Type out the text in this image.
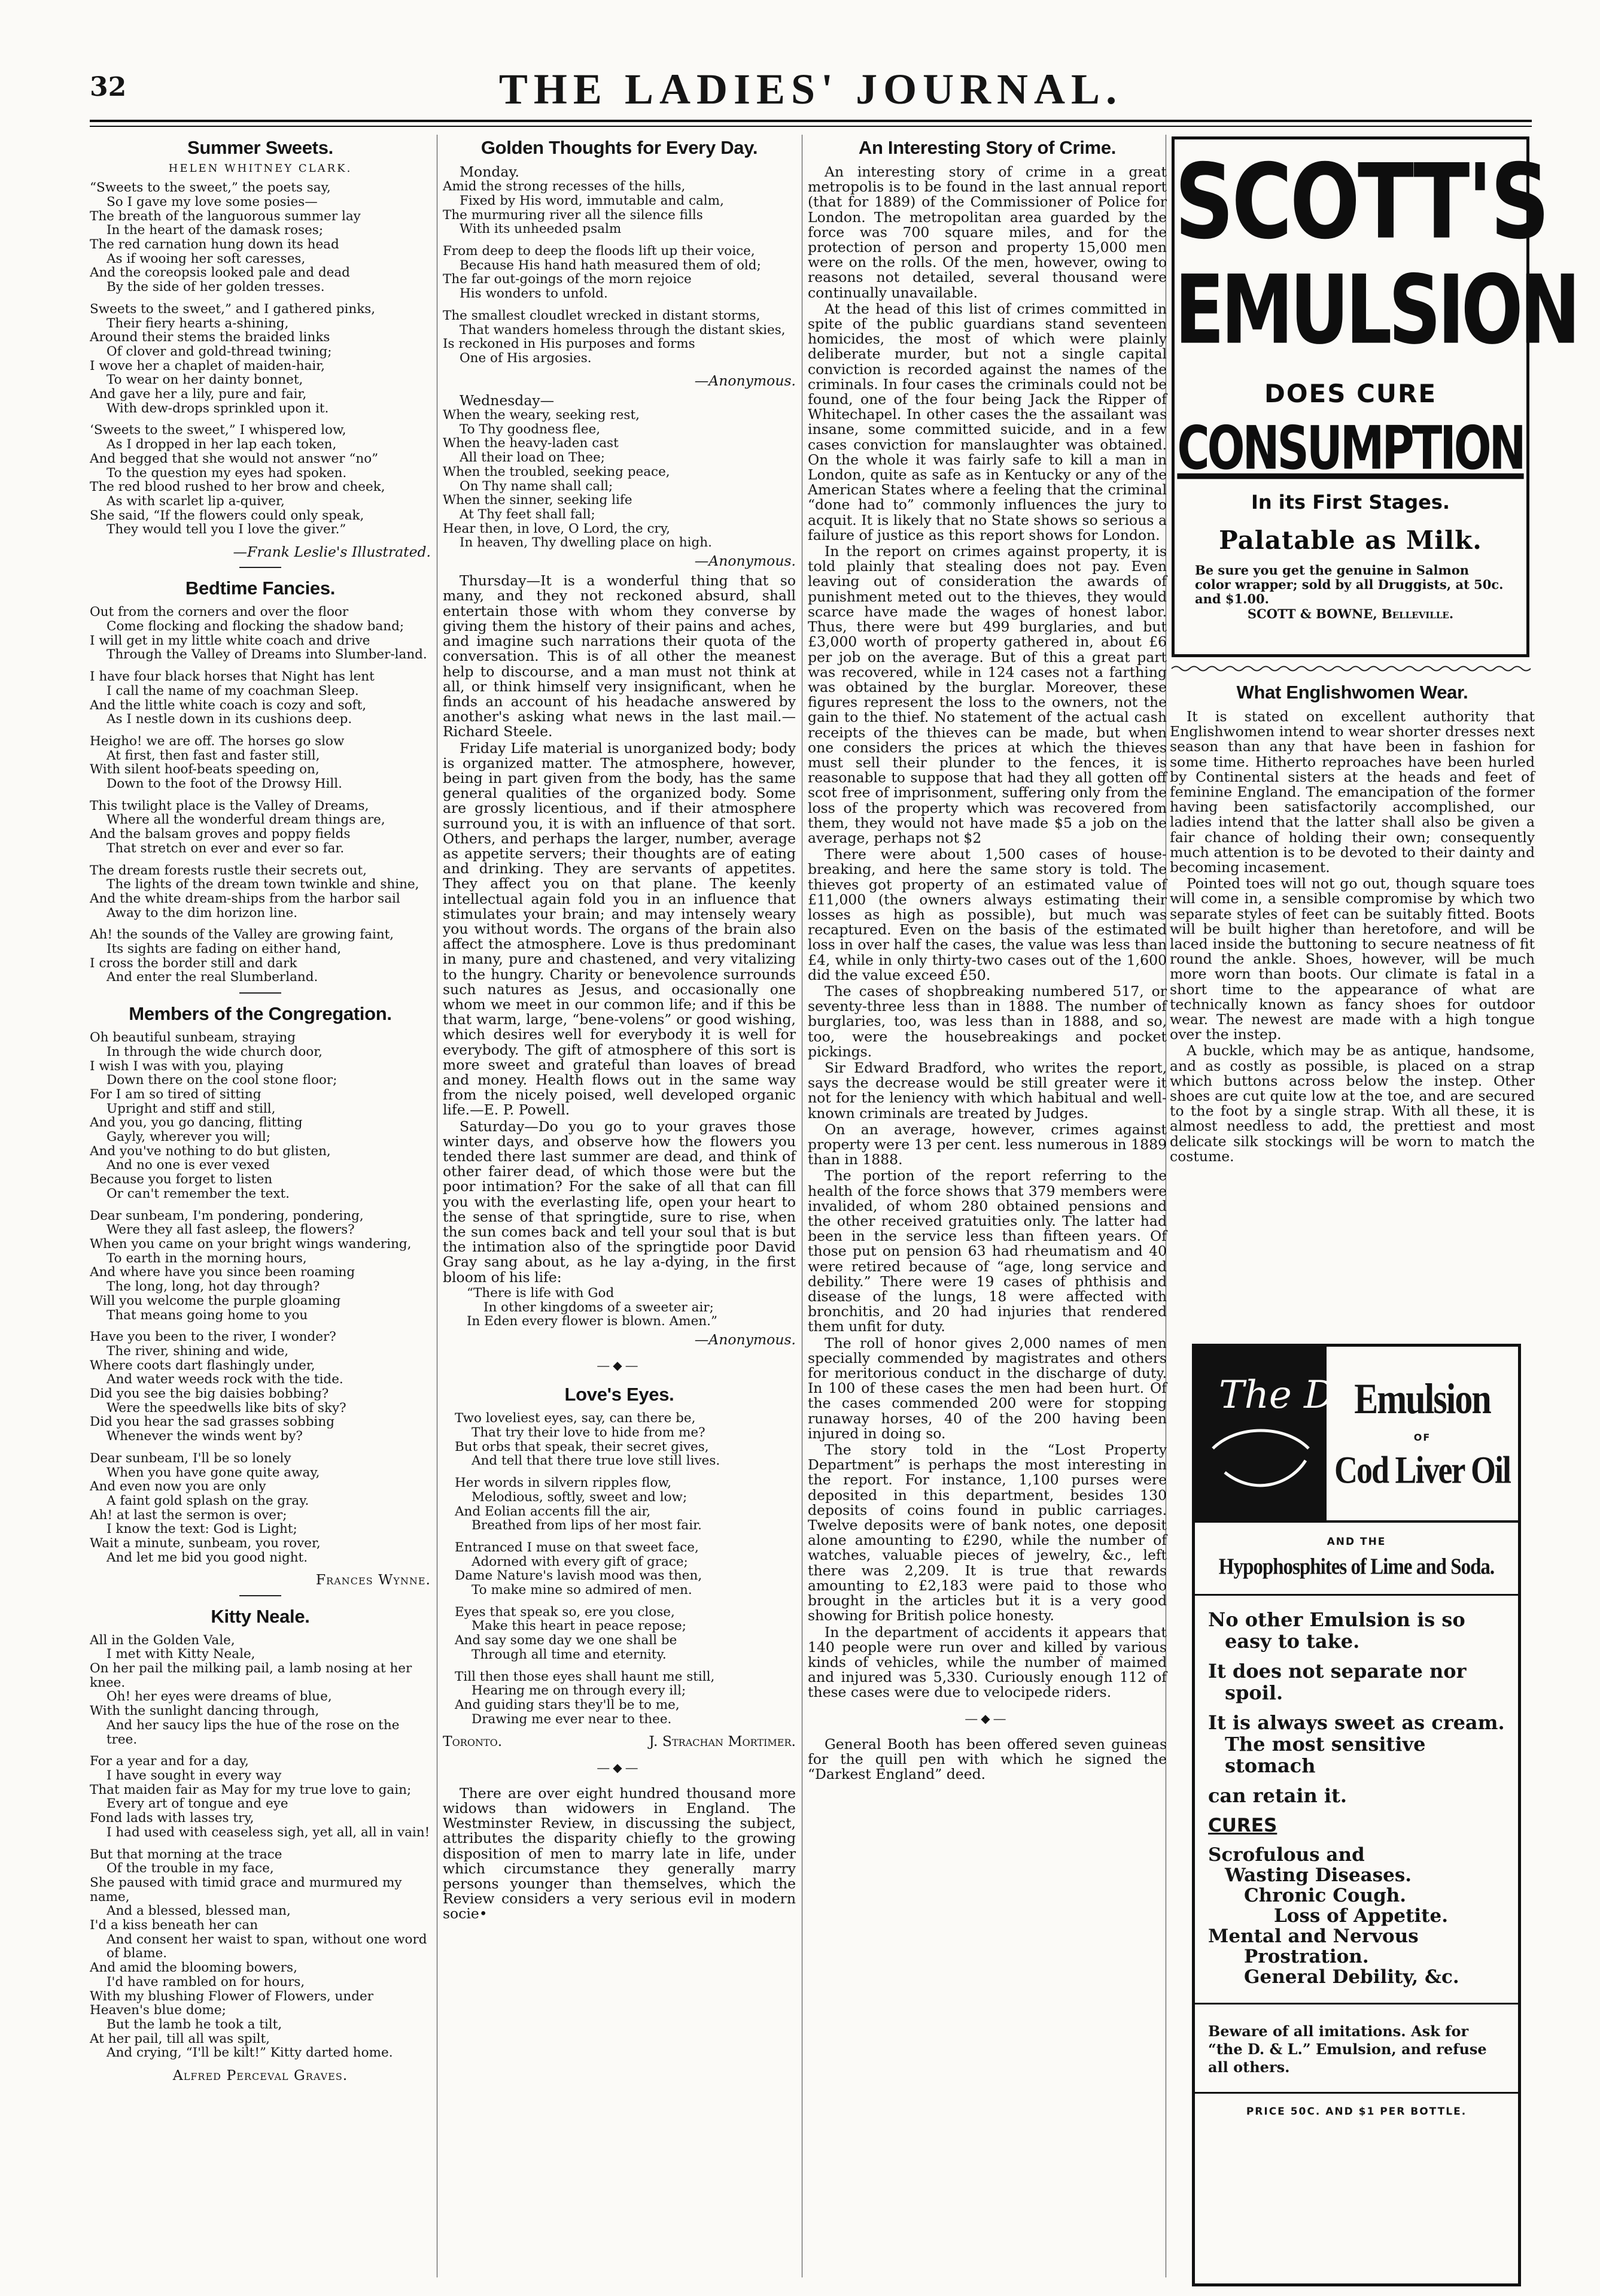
32	THE LADIES' JOURNAL.
Summer Sweets.
HELEN WHITNEY CLARK.
“Sweets to the sweet,” the poets say,
So I gave my love some posies—
The breath of the languorous summer lay
In the heart of the damask roses;
The red carnation hung down its head
As if wooing her soft caresses,
And the coreopsis looked pale and dead
By the side of her golden tresses.
Sweets to the sweet,” and I gathered pinks,
Their fiery hearts a-shining,
Around their stems the braided links
Of clover and gold-thread twining;
I wove her a chaplet of maiden-hair,
To wear on her dainty bonnet,
And gave her a lily, pure and fair,
With dew-drops sprinkled upon it.
‘Sweets to the sweet,” I whispered low,
As I dropped in her lap each token,
And begged that she would not answer “no”
To the question my eyes had spoken.
The red blood rushed to her brow and cheek,
As with scarlet lip a-quiver,
She said, “If the flowers could only speak,
They would tell you I love the giver.”
—Frank Leslie's Illustrated.
Bedtime Fancies.
Out from the corners and over the floor
Come flocking and flocking the shadow band;
I will get in my little white coach and drive
Through the Valley of Dreams into Slumber-land.
I have four black horses that Night has lent
I call the name of my coachman Sleep.
And the little white coach is cozy and soft,
As I nestle down in its cushions deep.
Heigho! we are off. The horses go slow
At first, then fast and faster still,
With silent hoof-beats speeding on,
Down to the foot of the Drowsy Hill.
This twilight place is the Valley of Dreams,
Where all the wonderful dream things are,
And the balsam groves and poppy fields
That stretch on ever and ever so far.
The dream forests rustle their secrets out,
The lights of the dream town twinkle and shine,
And the white dream-ships from the harbor sail
Away to the dim horizon line.
Ah! the sounds of the Valley are growing faint,
Its sights are fading on either hand,
I cross the border still and dark
And enter the real Slumberland.
Members of the Congregation.
Oh beautiful sunbeam, straying
In through the wide church door,
I wish I was with you, playing
Down there on the cool stone floor;
For I am so tired of sitting
Upright and stiff and still,
And you, you go dancing, flitting
Gayly, wherever you will;
And you've nothing to do but glisten,
And no one is ever vexed
Because you forget to listen
Or can't remember the text.
Dear sunbeam, I'm pondering, pondering,
Were they all fast asleep, the flowers?
When you came on your bright wings wandering,
To earth in the morning hours,
And where have you since been roaming
The long, long, hot day through?
Will you welcome the purple gloaming
That means going home to you
Have you been to the river, I wonder?
The river, shining and wide,
Where coots dart flashingly under,
And water weeds rock with the tide.
Did you see the big daisies bobbing?
Were the speedwells like bits of sky?
Did you hear the sad grasses sobbing
Whenever the winds went by?
Dear sunbeam, I'll be so lonely
When you have gone quite away,
And even now you are only
A faint gold splash on the gray.
Ah! at last the sermon is over;
I know the text: God is Light;
Wait a minute, sunbeam, you rover,
And let me bid you good night.
Frances Wynne.
Kitty Neale.
All in the Golden Vale,
I met with Kitty Neale,
On her pail the milking pail, a lamb nosing at her knee.
Oh! her eyes were dreams of blue,
With the sunlight dancing through,
And her saucy lips the hue of the rose on the tree.
For a year and for a day,
I have sought in every way
That maiden fair as May for my true love to gain;
Every art of tongue and eye
Fond lads with lasses try,
I had used with ceaseless sigh, yet all, all in vain!
But that morning at the trace
Of the trouble in my face,
She paused with timid grace and murmured my name,
And a blessed, blessed man,
I'd a kiss beneath her can
And consent her waist to span, without one word of blame.
And amid the blooming bowers,
I'd have rambled on for hours,
With my blushing Flower of Flowers, under Heaven's blue dome;
But the lamb he took a tilt,
At her pail, till all was spilt,
And crying, “I'll be kilt!” Kitty darted home.
Alfred Perceval Graves.
Golden Thoughts for Every Day.
Monday.
Amid the strong recesses of the hills,
Fixed by His word, immutable and calm,
The murmuring river all the silence fills
With its unheeded psalm
From deep to deep the floods lift up their voice,
Because His hand hath measured them of old;
The far out-goings of the morn rejoice
His wonders to unfold.
The smallest cloudlet wrecked in distant storms,
That wanders homeless through the distant skies,
Is reckoned in His purposes and forms
One of His argosies.
—Anonymous.
Wednesday—
When the weary, seeking rest,
To Thy goodness flee,
When the heavy-laden cast
All their load on Thee;
When the troubled, seeking peace,
On Thy name shall call;
When the sinner, seeking life
At Thy feet shall fall;
Hear then, in love, O Lord, the cry,
In heaven, Thy dwelling place on high.
—Anonymous.

Thursday—It is a wonderful thing that so many, and they not reckoned absurd, shall entertain those with whom they converse by giving them the history of their pains and aches, and imagine such narrations their quota of the conversation. This is of all other the meanest help to discourse, and a man must not think at all, or think himself very insignificant, when he finds an account of his headache answered by another's asking what news in the last mail.—Richard Steele.

Friday Life material is unorganized body; body is organized matter. The atmosphere, however, being in part given from the body, has the same general qualities of the organized body. Some are grossly licentious, and if their atmosphere surround you, it is with an influence of that sort. Others, and perhaps the larger, number, average as appetite servers; their thoughts are of eating and drinking. They are servants of appetites. They affect you on that plane. The keenly intellectual again fold you in an influence that stimulates your brain; and may intensely weary you without words. The organs of the brain also affect the atmosphere. Love is thus predominant in many, pure and chastened, and very vitalizing to the hungry. Charity or benevolence surrounds such natures as Jesus, and occasionally one whom we meet in our common life; and if this be that warm, large, “bene-volens” or good wishing, which desires well for everybody it is well for everybody. The gift of atmosphere of this sort is more sweet and grateful than loaves of bread and money. Health flows out in the same way from the nicely poised, well developed organic life.—E. P. Powell.

Saturday—Do you go to your graves those winter days, and observe how the flowers you tended there last summer are dead, and think of other fairer dead, of which those were but the poor intimation? For the sake of all that can fill you with the everlasting life, open your heart to the sense of that springtide, sure to rise, when the sun comes back and tell your soul that is but the intimation also of the springtide poor David Gray sang about, as he lay a-dying, in the first bloom of his life:

“There is life with God
In other kingdoms of a sweeter air;
In Eden every flower is blown. Amen.”
—Anonymous.
―◆―
Love's Eyes.
Two loveliest eyes, say, can there be,
That try their love to hide from me?
But orbs that speak, their secret gives,
And tell that there true love still lives.
Her words in silvern ripples flow,
Melodious, softly, sweet and low;
And Eolian accents fill the air,
Breathed from lips of her most fair.
Entranced I muse on that sweet face,
Adorned with every gift of grace;
Dame Nature's lavish mood was then,
To make mine so admired of men.
Eyes that speak so, ere you close,
Make this heart in peace repose;
And say some day we one shall be
Through all time and eternity.
Till then those eyes shall haunt me still,
Hearing me on through every ill;
And guiding stars they'll be to me,
Drawing me ever near to thee.
Toronto.	J. Strachan Mortimer.
―◆―

There are over eight hundred thousand more widows than widowers in England. The Westminster Review, in discussing the subject, attributes the disparity chiefly to the growing disposition of men to marry late in life, under which circumstance they generally marry persons younger than themselves, which the Review considers a very serious evil in modern socie•

An Interesting Story of Crime.

An interesting story of crime in a great metropolis is to be found in the last annual report (that for 1889) of the Commissioner of Police for London. The metropolitan area guarded by the force was 700 square miles, and for the protection of person and property 15,000 men were on the rolls. Of the men, however, owing to reasons not detailed, several thousand were continually unavailable.

At the head of this list of crimes committed in spite of the public guardians stand seventeen homicides, the most of which were plainly deliberate murder, but not a single capital conviction is recorded against the names of the criminals. In four cases the criminals could not be found, one of the four being Jack the Ripper of Whitechapel. In other cases the the assailant was insane, some committed suicide, and in a few cases conviction for manslaughter was obtained. On the whole it was fairly safe to kill a man in London, quite as safe as in Kentucky or any of the American States where a feeling that the criminal “done had to” commonly influences the jury to acquit. It is likely that no State shows so serious a failure of justice as this report shows for London.

In the report on crimes against property, it is told plainly that stealing does not pay. Even leaving out of consideration the awards of punishment meted out to the thieves, they would scarce have made the wages of honest labor. Thus, there were but 499 burglaries, and but £3,000 worth of property gathered in, about £6 per job on the average. But of this a great part was recovered, while in 124 cases not a farthing was obtained by the burglar. Moreover, these figures represent the loss to the owners, not the gain to the thief. No statement of the actual cash receipts of the thieves can be made, but when one considers the prices at which the thieves must sell their plunder to the fences, it is reasonable to suppose that had they all gotten off scot free of imprisonment, suffering only from the loss of the property which was recovered from them, they would not have made $5 a job on the average, perhaps not $2

There were about 1,500 cases of house-breaking, and here the same story is told. The thieves got property of an estimated value of £11,000 (the owners always estimating their losses as high as possible), but much was recaptured. Even on the basis of the estimated loss in over half the cases, the value was less than £4, while in only thirty-two cases out of the 1,600 did the value exceed £50.

The cases of shopbreaking numbered 517, or seventy-three less than in 1888. The number of burglaries, too, was less than in 1888, and so, too, were the housebreakings and pocket pickings.

Sir Edward Bradford, who writes the report, says the decrease would be still greater were it not for the leniency with which habitual and well-known criminals are treated by Judges.

On an average, however, crimes against property were 13 per cent. less numerous in 1889 than in 1888.

The portion of the report referring to the health of the force shows that 379 members were invalided, of whom 280 obtained pensions and the other received gratuities only. The latter had been in the service less than fifteen years. Of those put on pension 63 had rheumatism and 40 were retired because of “age, long service and debility.” There were 19 cases of phthisis and disease of the lungs, 18 were affected with bronchitis, and 20 had injuries that rendered them unfit for duty.

The roll of honor gives 2,000 names of men specially commended by magistrates and others for meritorious conduct in the discharge of duty. In 100 of these cases the men had been hurt. Of the cases commended 200 were for stopping runaway horses, 40 of the 200 having been injured in doing so.

The story told in the “Lost Property Department” is perhaps the most interesting in the report. For instance, 1,100 purses were deposited in this department, besides 130 deposits of coins found in public carriages. Twelve deposits were of bank notes, one deposit alone amounting to £290, while the number of watches, valuable pieces of jewelry, &c., left there was 2,209. It is true that rewards amounting to £2,183 were paid to those who brought in the articles but it is a very good showing for British police honesty.

In the department of accidents it appears that 140 people were run over and killed by various kinds of vehicles, while the number of maimed and injured was 5,330. Curiously enough 112 of these cases were due to velocipede riders.

―◆―

General Booth has been offered seven guineas for the quill pen with which he signed the “Darkest England” deed.

SCOTT'S
EMULSION
DOES CURE
CONSUMPTION
In its First Stages.
Palatable as Milk.
Be sure you get the genuine in Salmon color wrapper; sold by all Druggists, at 50c. and $1.00.
SCOTT & BOWNE, Belleville.
What Englishwomen Wear.

It is stated on excellent authority that Englishwomen intend to wear shorter dresses next season than any that have been in fashion for some time. Hitherto reproaches have been hurled by Continental sisters at the heads and feet of feminine England. The emancipation of the former having been satisfactorily accomplished, our ladies intend that the latter shall also be given a fair chance of holding their own; consequently much attention is to be devoted to their dainty and becoming incasement.

Pointed toes will not go out, though square toes will come in, a sensible compromise by which two separate styles of feet can be suitably fitted. Boots will be built higher than heretofore, and will be laced inside the buttoning to secure neatness of fit round the ankle. Shoes, however, will be much more worn than boots. Our climate is fatal in a short time to the appearance of what are technically known as fancy shoes for outdoor wear. The newest are made with a high tongue over the instep.

A buckle, which may be as antique, handsome, and as costly as possible, is placed on a strap which buttons across below the instep. Other shoes are cut quite low at the toe, and are secured to the foot by a single strap. With all these, it is almost needless to add, the prettiest and most delicate silk stockings will be worn to match the costume.

The D&L
Emulsion
OF
Cod Liver Oil
AND THE
Hypophosphites of Lime and Soda.
No other Emulsion is so
easy to take.
It does not separate nor
spoil.
It is always sweet as cream.
The most sensitive stomach
can retain it.
CURES
Scrofulous and
Wasting Diseases.
Chronic Cough.
Loss of Appetite.
Mental and Nervous
Prostration.
General Debility, &c.
Beware of all imitations. Ask for “the D. & L.” Emulsion, and refuse all others.
PRICE 50C. AND $1 PER BOTTLE.
